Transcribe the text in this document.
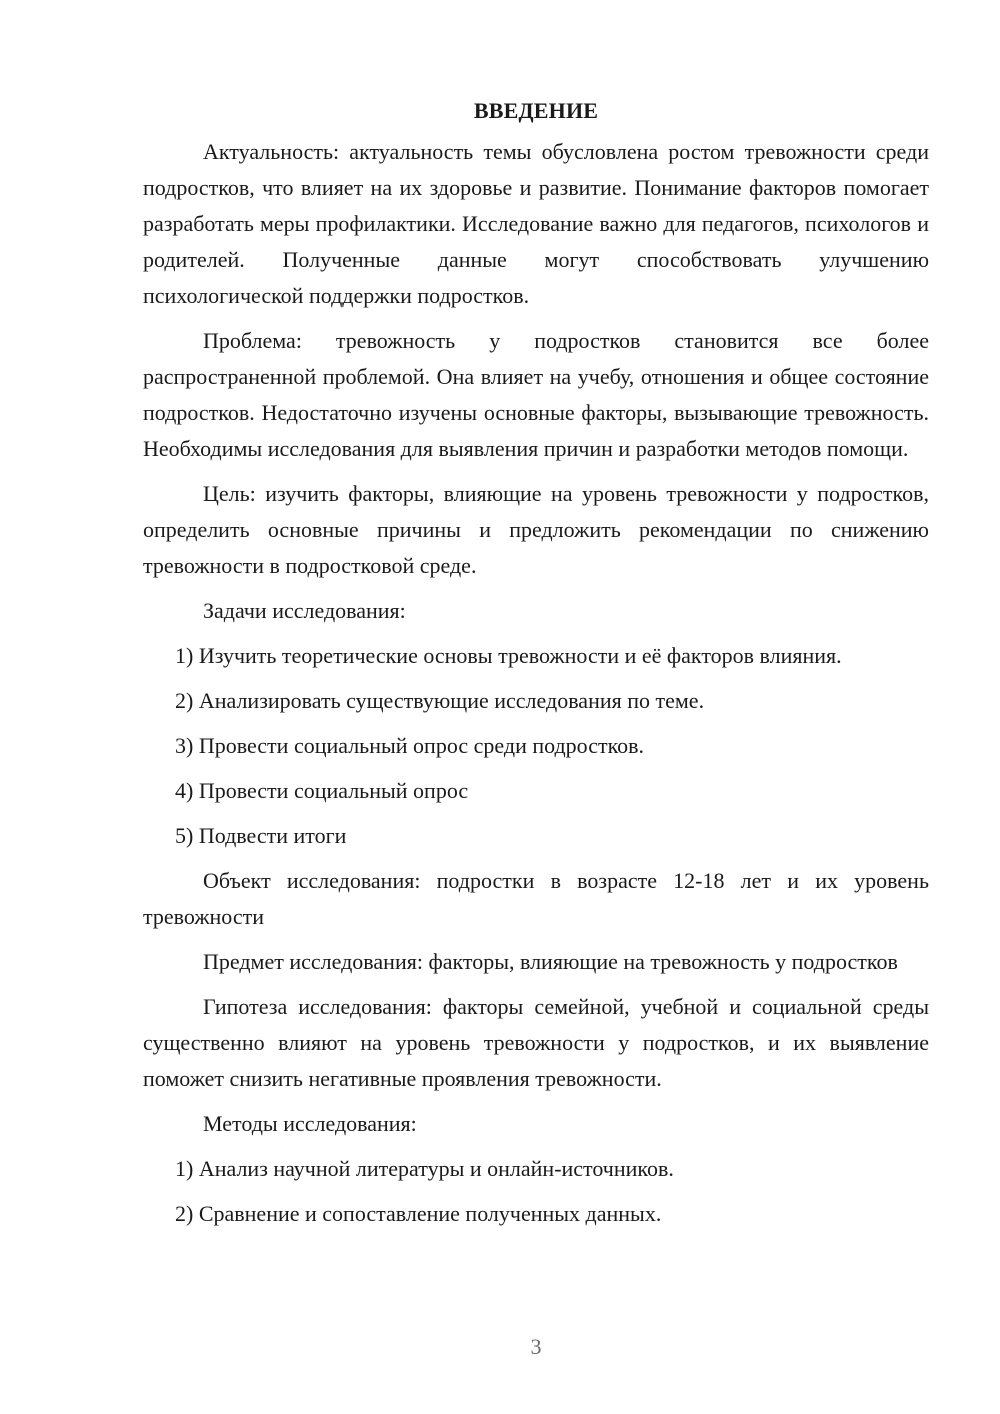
ВВЕДЕНИЕ

Актуальность: актуальность темы обусловлена ростом тревожности среди подростков, что влияет на их здоровье и развитие. Понимание факторов помогает разработать меры профилактики. Исследование важно для педагогов, психологов и родителей. Полученные данные могут способствовать улучшению психологической поддержки подростков.

Проблема: тревожность у подростков становится все более распространенной проблемой. Она влияет на учебу, отношения и общее состояние подростков. Недостаточно изучены основные факторы, вызывающие тревожность. Необходимы исследования для выявления причин и разработки методов помощи.

Цель: изучить факторы, влияющие на уровень тревожности у подростков, определить основные причины и предложить рекомендации по снижению тревожности в подростковой среде.

Задачи исследования:

1) Изучить теоретические основы тревожности и её факторов влияния.
2) Анализировать существующие исследования по теме.
3) Провести социальный опрос среди подростков.
4) Провести социальный опрос
5) Подвести итоги

Объект исследования: подростки в возрасте 12-18 лет и их уровень тревожности

Предмет исследования: факторы, влияющие на тревожность у подростков

Гипотеза исследования: факторы семейной, учебной и социальной среды существенно влияют на уровень тревожности у подростков, и их выявление поможет снизить негативные проявления тревожности.

Методы исследования:

1) Анализ научной литературы и онлайн-источников.
2) Сравнение и сопоставление полученных данных.
3
